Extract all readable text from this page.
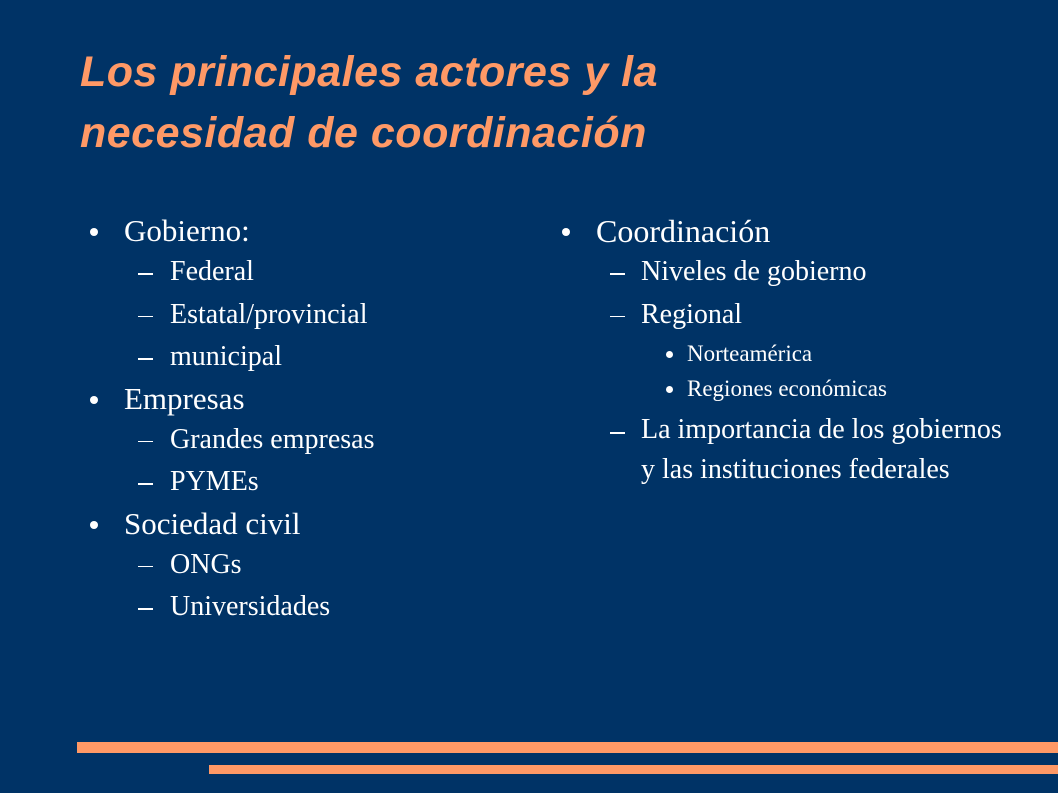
Los principales actores y la
necesidad de coordinación
Gobierno:
Federal
Estatal/provincial
municipal
Empresas
Grandes empresas
PYMEs
Sociedad civil
ONGs
Universidades
Coordinación
Niveles de gobierno
Regional
Norteamérica
Regiones económicas
La importancia de los gobiernos y las instituciones federales
